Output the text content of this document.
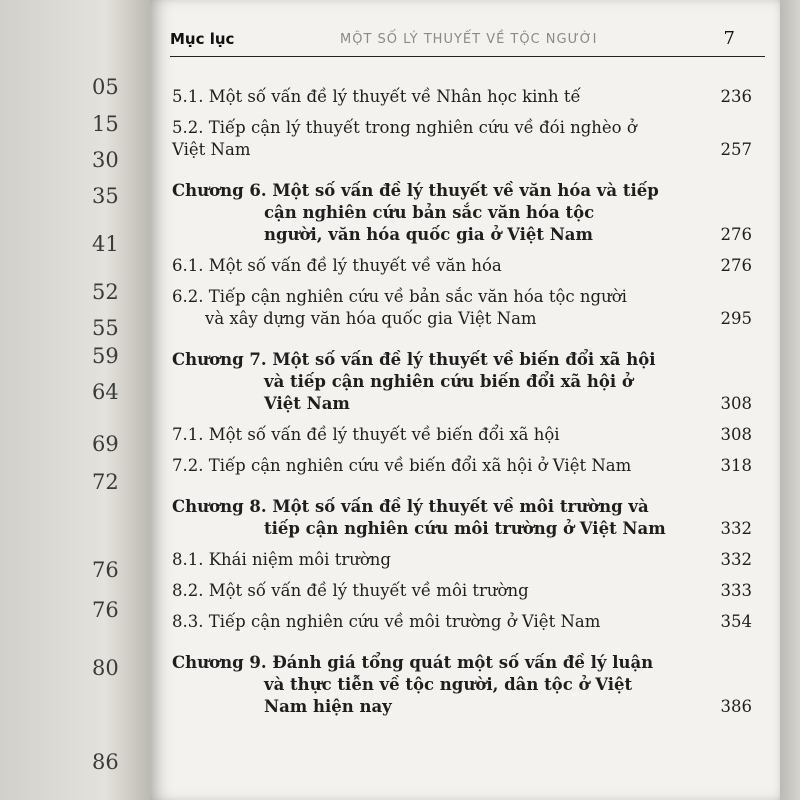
05
15
30
35
41
52
55
59
64
69
72
76
76
80
86
Mục lục	MỘT SỐ LÝ THUYẾT VỀ TỘC NGƯỜI	7
5.1. Một số vấn đề lý thuyết về Nhân học kinh tế	236
5.2. Tiếp cận lý thuyết trong nghiên cứu về đói nghèo ở
Việt Nam	257
Chương 6. Một số vấn đề lý thuyết về văn hóa và tiếp
cận nghiên cứu bản sắc văn hóa tộc
người, văn hóa quốc gia ở Việt Nam	276
6.1. Một số vấn đề lý thuyết về văn hóa	276
6.2. Tiếp cận nghiên cứu về bản sắc văn hóa tộc người
và xây dựng văn hóa quốc gia Việt Nam	295
Chương 7. Một số vấn đề lý thuyết về biến đổi xã hội
và tiếp cận nghiên cứu biến đổi xã hội ở
Việt Nam	308
7.1. Một số vấn đề lý thuyết về biến đổi xã hội	308
7.2. Tiếp cận nghiên cứu về biến đổi xã hội ở Việt Nam	318
Chương 8. Một số vấn đề lý thuyết về môi trường và
tiếp cận nghiên cứu môi trường ở Việt Nam	332
8.1. Khái niệm môi trường	332
8.2. Một số vấn đề lý thuyết về môi trường	333
8.3. Tiếp cận nghiên cứu về môi trường ở Việt Nam	354
Chương 9. Đánh giá tổng quát một số vấn đề lý luận
và thực tiễn về tộc người, dân tộc ở Việt
Nam hiện nay	386
